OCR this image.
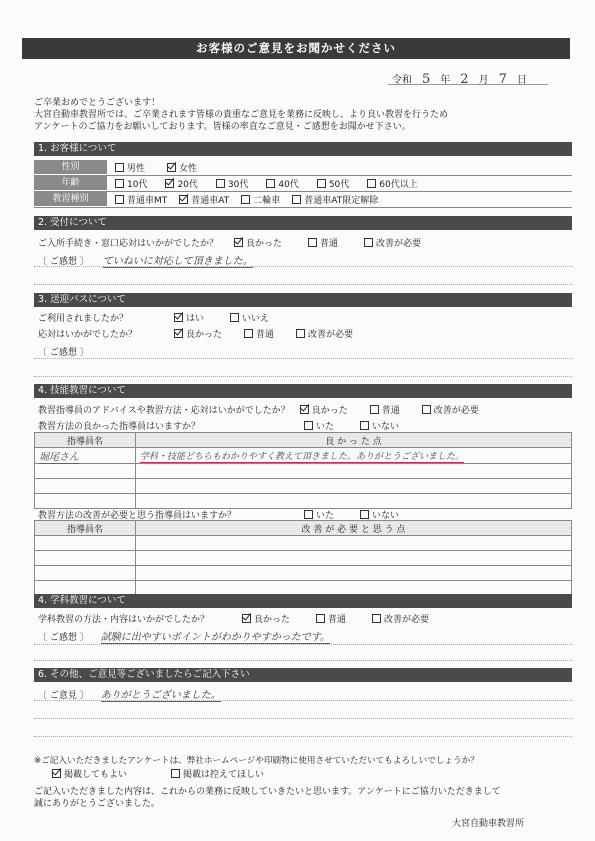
お客様のご意見をお聞かせください
令和 5	年 2	月 7	日
ご卒業おめでとうございます！
大宮自動車教習所では、ご卒業されます皆様の貴重なご意見を業務に反映し、より良い教習を行うため
アンケートのご協力をお願いしております。皆様の率直なご意見・ご感想をお聞かせ下さい。
1. お客様について
性別	男性	女性
年齢	10代	20代	30代	40代	50代	60代以上
教習種別	普通車MT	普通車AT	二輪車	普通車AT限定解除
2. 受付について
ご入所手続き・窓口応対はいかがでしたか？	良かった	普通	改善が必要
〔 ご感想 〕 ていねいに対応して頂きました。
3. 送迎バスについて
ご利用されましたか？	はい	いいえ
応対はいかがでしたか？	良かった	普通	改善が必要
〔 ご感想 〕
4. 技能教習について
教習指導員のアドバイスや教習方法・応対はいかがでしたか？	良かった	普通	改善が必要
教習方法の良かった指導員はいますか？	いた	いない
指導員名	良 か っ た 点
堀尾さん	学科・技能どちらもわかりやすく教えて頂きました。ありがとうございました。

教習方法の改善が必要と思う指導員はいますか？	いた	いない
指導員名	改 善 が 必 要 と 思 う 点

4. 学科教習について
学科教習の方法・内容はいかがでしたか？	良かった	普通	改善が必要
〔 ご感想 〕 試験に出やすいポイントがわかりやすかったです。
6. その他、ご意見等ございましたらご記入下さい
〔 ご意見 〕 ありがとうございました。
※ご記入いただきましたアンケートは、弊社ホームページや印刷物に使用させていただいてもよろしいでしょうか？
掲載してもよい	掲載は控えてほしい
ご記入いただきました内容は、これからの業務に反映していきたいと思います。アンケートにご協力いただきまして
誠にありがとうございました。
大宮自動車教習所
